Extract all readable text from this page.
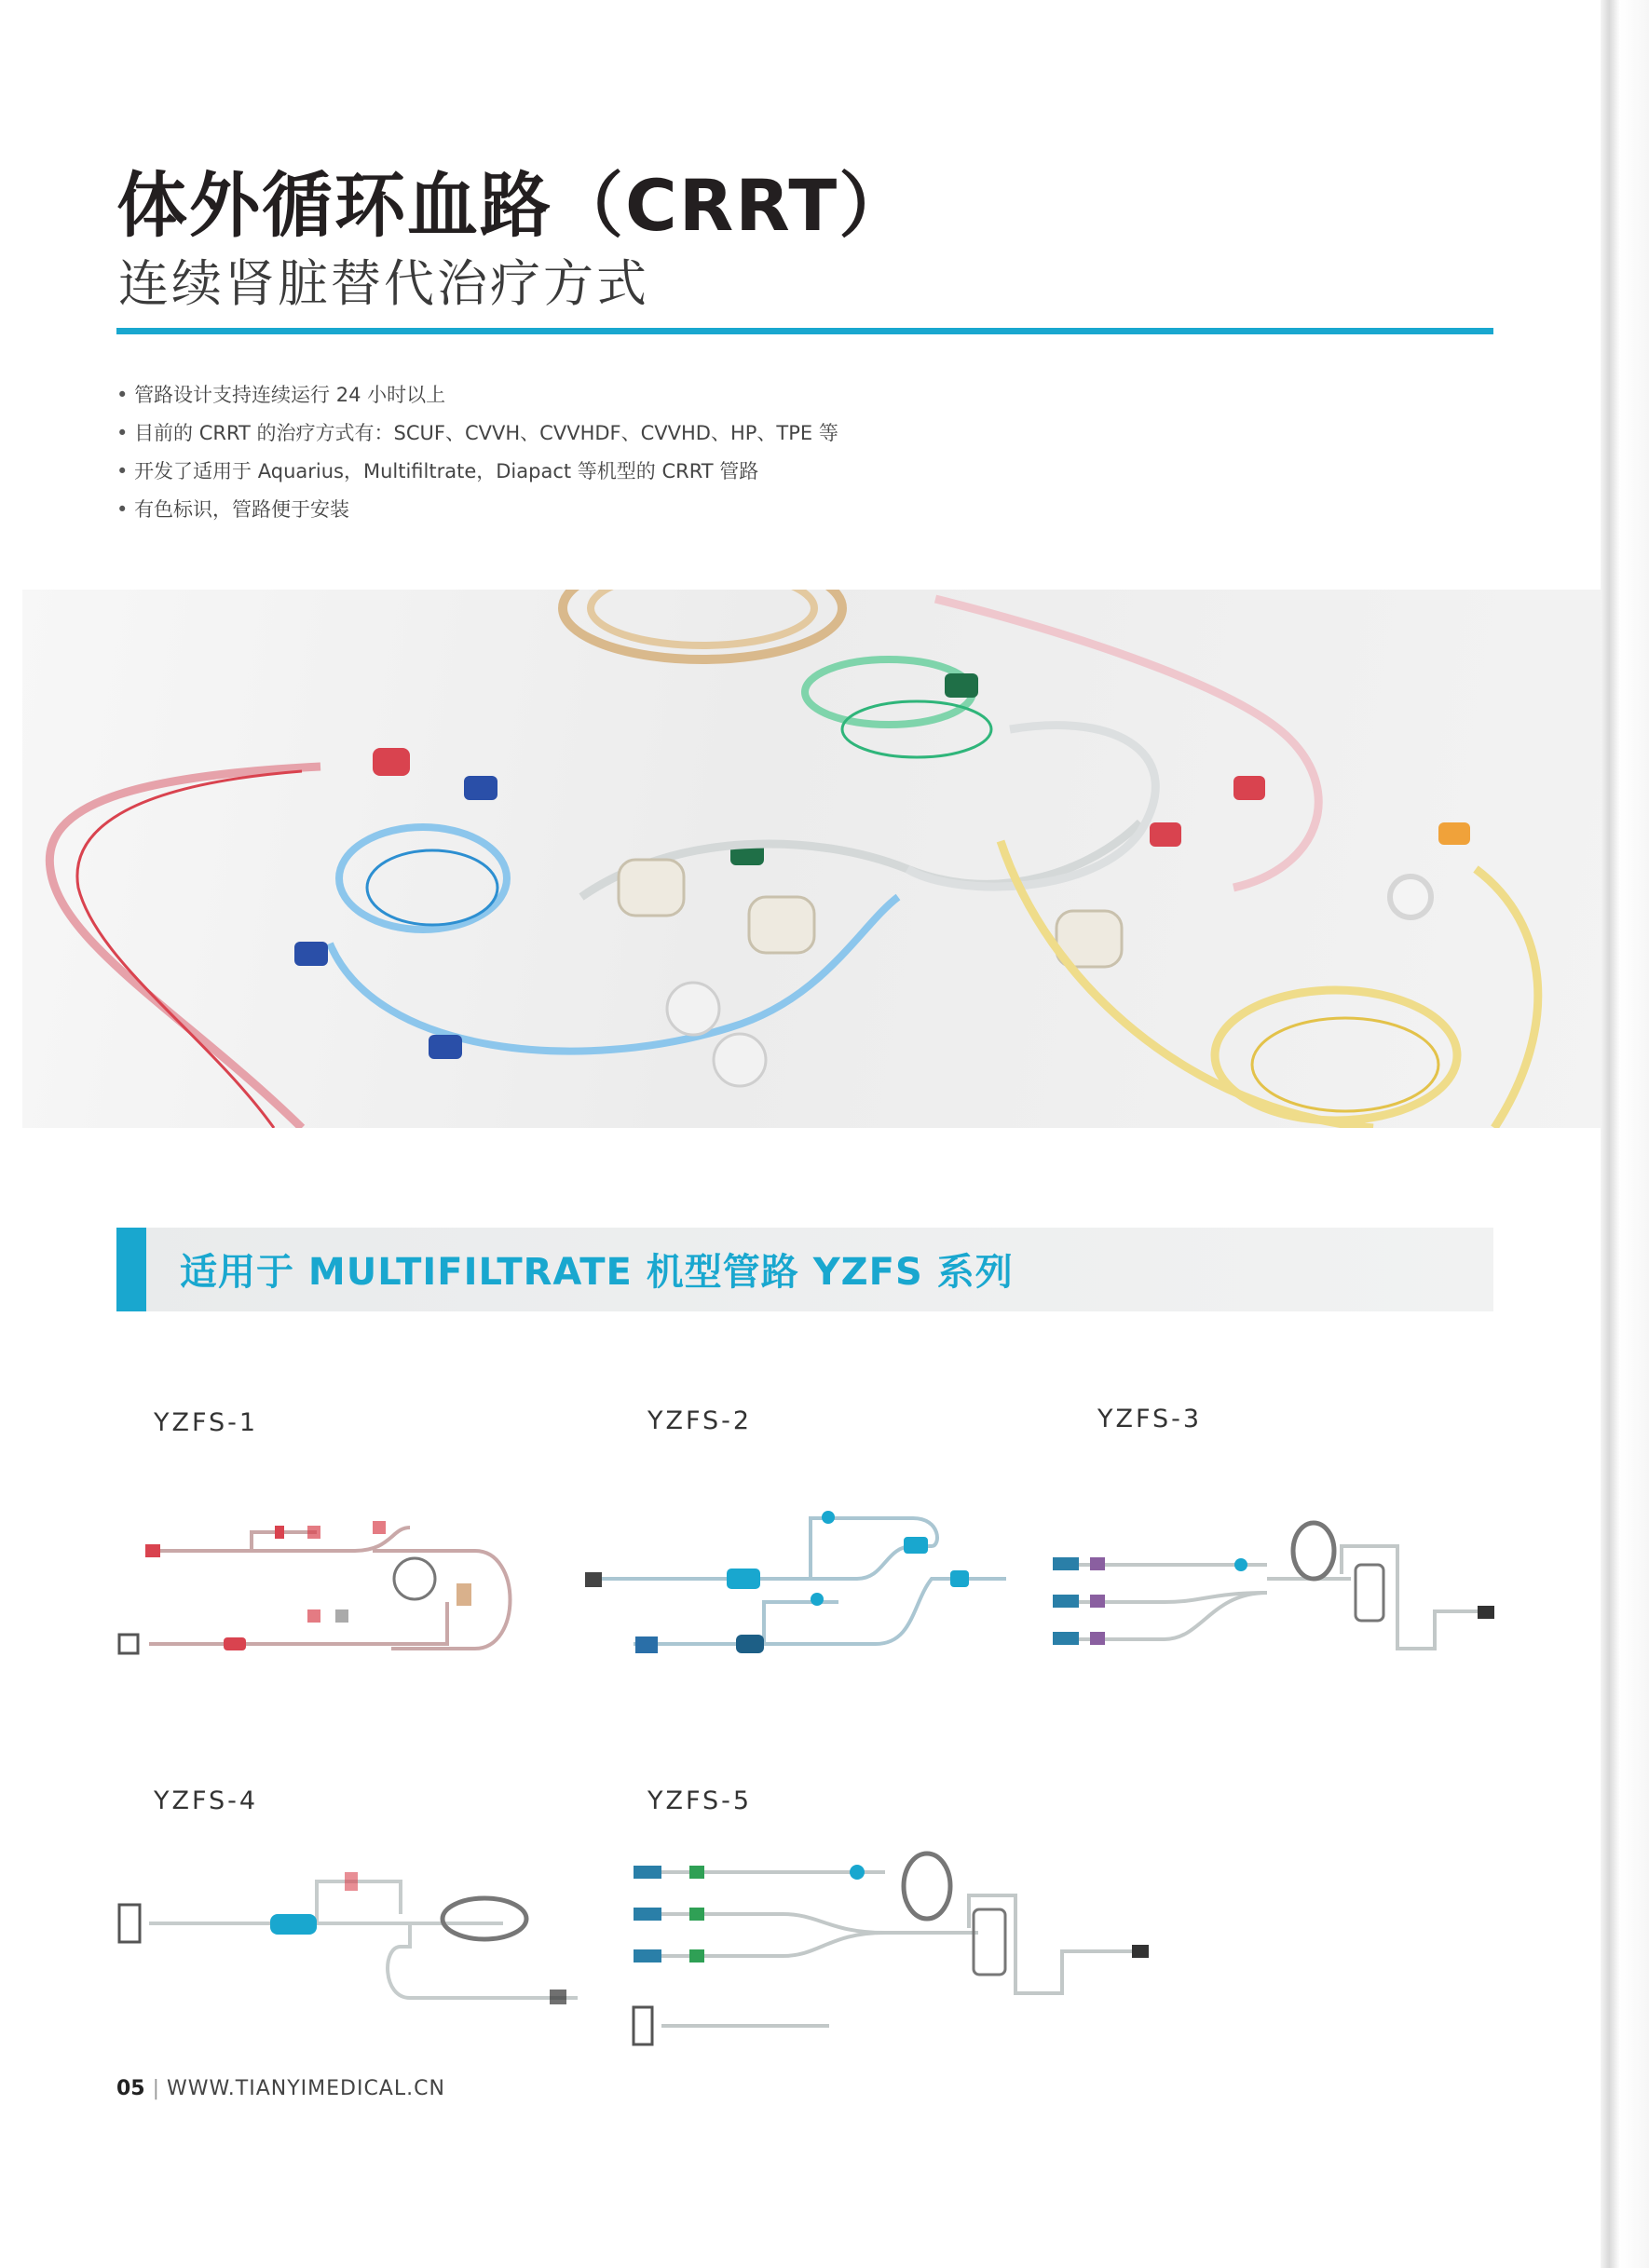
体外循环血路（CRRT）
连续肾脏替代治疗方式
• 管路设计支持连续运行 24 小时以上
• 目前的 CRRT 的治疗方式有：SCUF、CVVH、CVVHDF、CVVHD、HP、TPE 等
• 开发了适用于 Aquarius，Multifiltrate，Diapact 等机型的 CRRT 管路
• 有色标识，管路便于安装
适用于 MULTIFILTRATE 机型管路 YZFS 系列
YZFS-1	YZFS-2	YZFS-3
YZFS-4	YZFS-5
05 | WWW.TIANYIMEDICAL.CN
